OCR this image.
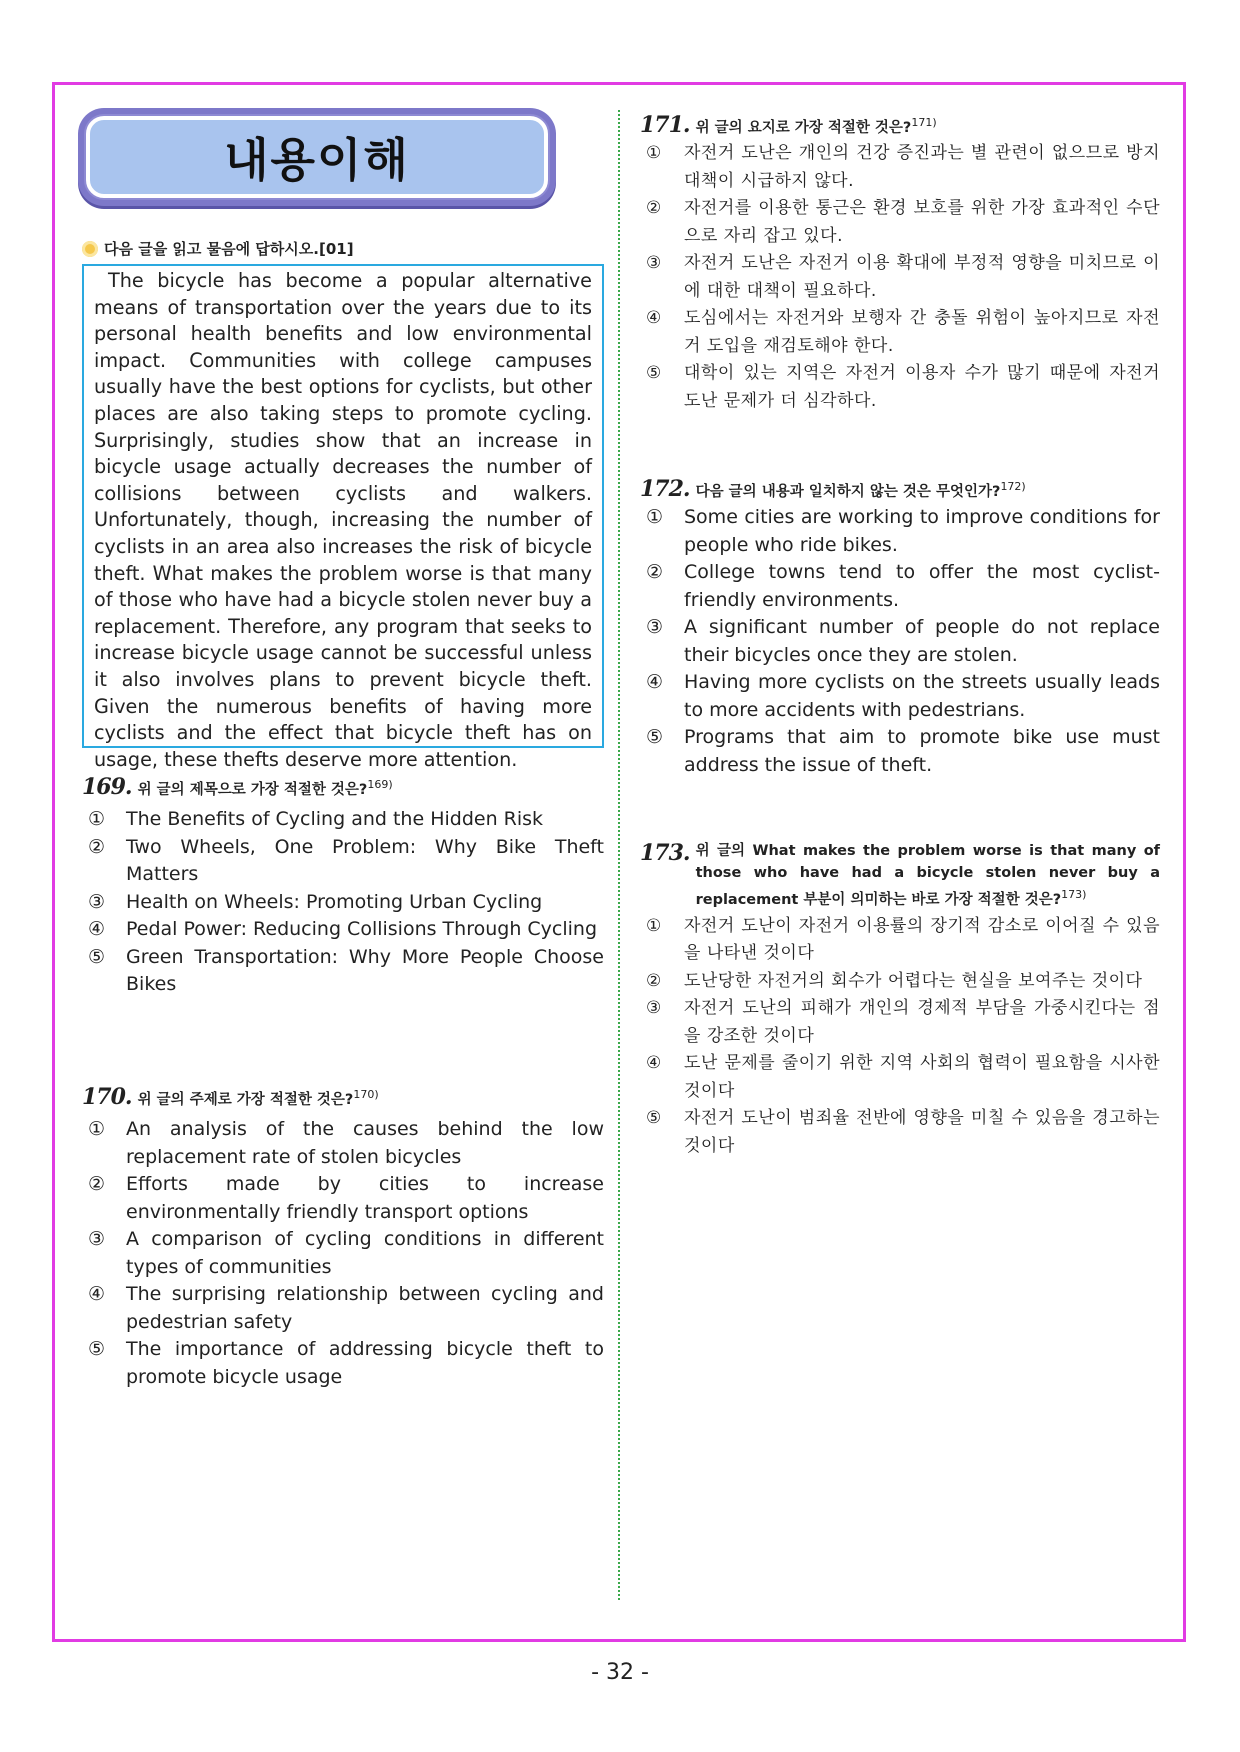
내용이해
다음 글을 읽고 물음에 답하시오.[01]
The bicycle has become a popular alternative means of transportation over the years due to its personal health benefits and low environmental impact. Communities with college campuses usually have the best options for cyclists, but other places are also taking steps to promote cycling. Surprisingly, studies show that an increase in bicycle usage actually decreases the number of collisions between cyclists and walkers. Unfortunately, though, increasing the number of cyclists in an area also increases the risk of bicycle theft. What makes the problem worse is that many of those who have had a bicycle stolen never buy a replacement. Therefore, any program that seeks to increase bicycle usage cannot be successful unless it also involves plans to prevent bicycle theft. Given the numerous benefits of having more cyclists and the effect that bicycle theft has on usage, these thefts deserve more attention.
169. 위 글의 제목으로 가장 적절한 것은?$^{169)}$
①	The Benefits of Cycling and the Hidden Risk
②	Two Wheels, One Problem: Why Bike Theft Matters
③	Health on Wheels: Promoting Urban Cycling
④	Pedal Power: Reducing Collisions Through Cycling
⑤	Green Transportation: Why More People Choose Bikes
170. 위 글의 주제로 가장 적절한 것은?$^{170)}$
①	An analysis of the causes behind the low replacement rate of stolen bicycles
②	Efforts made by cities to increase environmentally friendly transport options
③	A comparison of cycling conditions in different types of communities
④	The surprising relationship between cycling and pedestrian safety
⑤	The importance of addressing bicycle theft to promote bicycle usage
171. 위 글의 요지로 가장 적절한 것은?$^{171)}$
①	자전거 도난은 개인의 건강 증진과는 별 관련이 없으므로 방지 대책이 시급하지 않다.
②	자전거를 이용한 통근은 환경 보호를 위한 가장 효과적인 수단으로 자리 잡고 있다.
③	자전거 도난은 자전거 이용 확대에 부정적 영향을 미치므로 이에 대한 대책이 필요하다.
④	도심에서는 자전거와 보행자 간 충돌 위험이 높아지므로 자전거 도입을 재검토해야 한다.
⑤	대학이 있는 지역은 자전거 이용자 수가 많기 때문에 자전거 도난 문제가 더 심각하다.
172. 다음 글의 내용과 일치하지 않는 것은 무엇인가?$^{172)}$
①	Some cities are working to improve conditions for people who ride bikes.
②	College towns tend to offer the most cyclist-friendly environments.
③	A significant number of people do not replace their bicycles once they are stolen.
④	Having more cyclists on the streets usually leads to more accidents with pedestrians.
⑤	Programs that aim to promote bike use must address the issue of theft.
173. 위 글의 What makes the problem worse is that many of those who have had a bicycle stolen never buy a replacement 부분이 의미하는 바로 가장 적절한 것은?$^{173)}$
①	자전거 도난이 자전거 이용률의 장기적 감소로 이어질 수 있음을 나타낸 것이다
②	도난당한 자전거의 회수가 어렵다는 현실을 보여주는 것이다
③	자전거 도난의 피해가 개인의 경제적 부담을 가중시킨다는 점을 강조한 것이다
④	도난 문제를 줄이기 위한 지역 사회의 협력이 필요함을 시사한 것이다
⑤	자전거 도난이 범죄율 전반에 영향을 미칠 수 있음을 경고하는 것이다
- 32 -
